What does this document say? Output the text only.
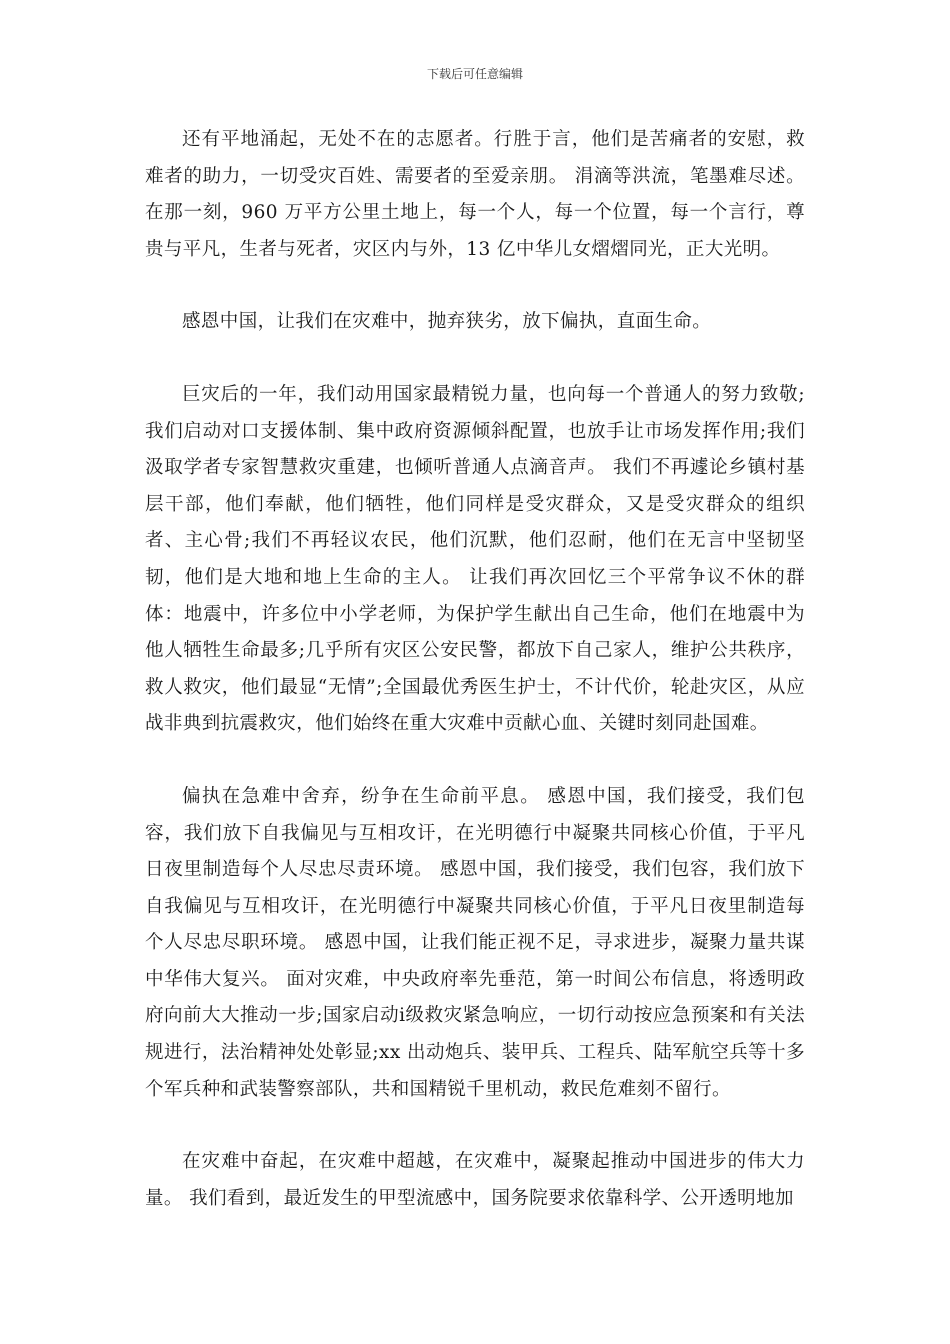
下载后可任意编辑

还有平地涌起，无处不在的志愿者。行胜于言，他们是苦痛者的安慰，救难者的助力，一切受灾百姓、需要者的至爱亲朋。 涓滴等洪流，笔墨难尽述。在那一刻，960 万平方公里土地上，每一个人，每一个位置，每一个言行，尊贵与平凡，生者与死者，灾区内与外，13 亿中华儿女熠熠同光，正大光明。

感恩中国，让我们在灾难中，抛弃狭劣，放下偏执，直面生命。

巨灾后的一年，我们动用国家最精锐力量，也向每一个普通人的努力致敬;我们启动对口支援体制、集中政府资源倾斜配置，也放手让市场发挥作用;我们汲取学者专家智慧救灾重建，也倾听普通人点滴音声。 我们不再遽论乡镇村基层干部，他们奉献，他们牺牲，他们同样是受灾群众，又是受灾群众的组织者、主心骨;我们不再轻议农民，他们沉默，他们忍耐，他们在无言中坚韧坚韧，他们是大地和地上生命的主人。 让我们再次回忆三个平常争议不休的群体：地震中，许多位中小学老师，为保护学生献出自己生命，他们在地震中为他人牺牲生命最多;几乎所有灾区公安民警，都放下自己家人，维护公共秩序，救人救灾，他们最显“无情”;全国最优秀医生护士，不计代价，轮赴灾区，从应战非典到抗震救灾，他们始终在重大灾难中贡献心血、关键时刻同赴国难。

偏执在急难中舍弃，纷争在生命前平息。 感恩中国，我们接受，我们包容，我们放下自我偏见与互相攻讦，在光明德行中凝聚共同核心价值，于平凡日夜里制造每个人尽忠尽责环境。 感恩中国，我们接受，我们包容，我们放下自我偏见与互相攻讦，在光明德行中凝聚共同核心价值，于平凡日夜里制造每个人尽忠尽职环境。 感恩中国，让我们能正视不足，寻求进步，凝聚力量共谋中华伟大复兴。 面对灾难，中央政府率先垂范，第一时间公布信息，将透明政府向前大大推动一步;国家启动ⅰ级救灾紧急响应，一切行动按应急预案和有关法规进行，法治精神处处彰显;xx 出动炮兵、装甲兵、工程兵、陆军航空兵等十多个军兵种和武装警察部队，共和国精锐千里机动，救民危难刻不留行。

在灾难中奋起，在灾难中超越，在灾难中，凝聚起推动中国进步的伟大力量。 我们看到，最近发生的甲型流感中，国务院要求依靠科学、公开透明地加
